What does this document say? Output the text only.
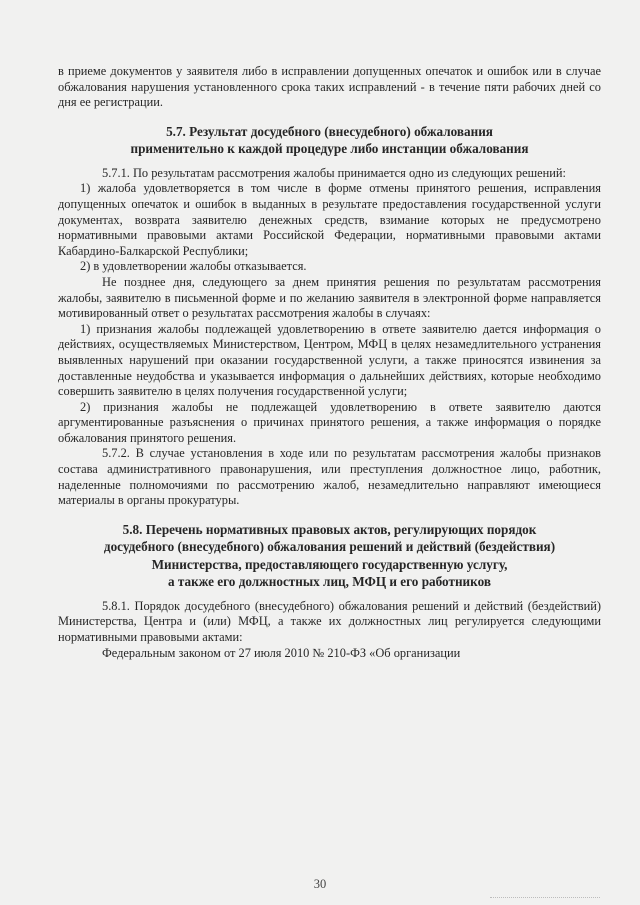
в приеме документов у заявителя либо в исправлении допущенных опечаток и ошибок или в случае обжалования нарушения установленного срока таких исправлений - в течение пяти рабочих дней со дня ее регистрации.

5.7. Результат досудебного (внесудебного) обжалования
применительно к каждой процедуре либо инстанции обжалования

5.7.1. По результатам рассмотрения жалобы принимается одно из следующих решений:

1) жалоба удовлетворяется в том числе в форме отмены принятого решения, исправления допущенных опечаток и ошибок в выданных в результате предоставления государственной услуги документах, возврата заявителю денежных средств, взимание которых не предусмотрено нормативными правовыми актами Российской Федерации, нормативными правовыми актами Кабардино-Балкарской Республики;

2) в удовлетворении жалобы отказывается.

Не позднее дня, следующего за днем принятия решения по результатам рассмотрения жалобы, заявителю в письменной форме и по желанию заявителя в электронной форме направляется мотивированный ответ о результатах рассмотрения жалобы в случаях:

1) признания жалобы подлежащей удовлетворению в ответе заявителю дается информация о действиях, осуществляемых Министерством, Центром, МФЦ в целях незамедлительного устранения выявленных нарушений при оказании государственной услуги, а также приносятся извинения за доставленные неудобства и указывается информация о дальнейших действиях, которые необходимо совершить заявителю в целях получения государственной услуги;

2) признания жалобы не подлежащей удовлетворению в ответе заявителю даются аргументированные разъяснения о причинах принятого решения, а также информация о порядке обжалования принятого решения.

5.7.2. В случае установления в ходе или по результатам рассмотрения жалобы признаков состава административного правонарушения, или преступления должностное лицо, работник, наделенные полномочиями по рассмотрению жалоб, незамедлительно направляют имеющиеся материалы в органы прокуратуры.

5.8. Перечень нормативных правовых актов, регулирующих порядок
досудебного (внесудебного) обжалования решений и действий (бездействия)
Министерства, предоставляющего государственную услугу,
а также его должностных лиц, МФЦ и его работников

5.8.1. Порядок досудебного (внесудебного) обжалования решений и действий (бездействий) Министерства, Центра и (или) МФЦ, а также их должностных лиц регулируется следующими нормативными правовыми актами:

Федеральным законом от 27 июля 2010 № 210-ФЗ «Об организации

30
